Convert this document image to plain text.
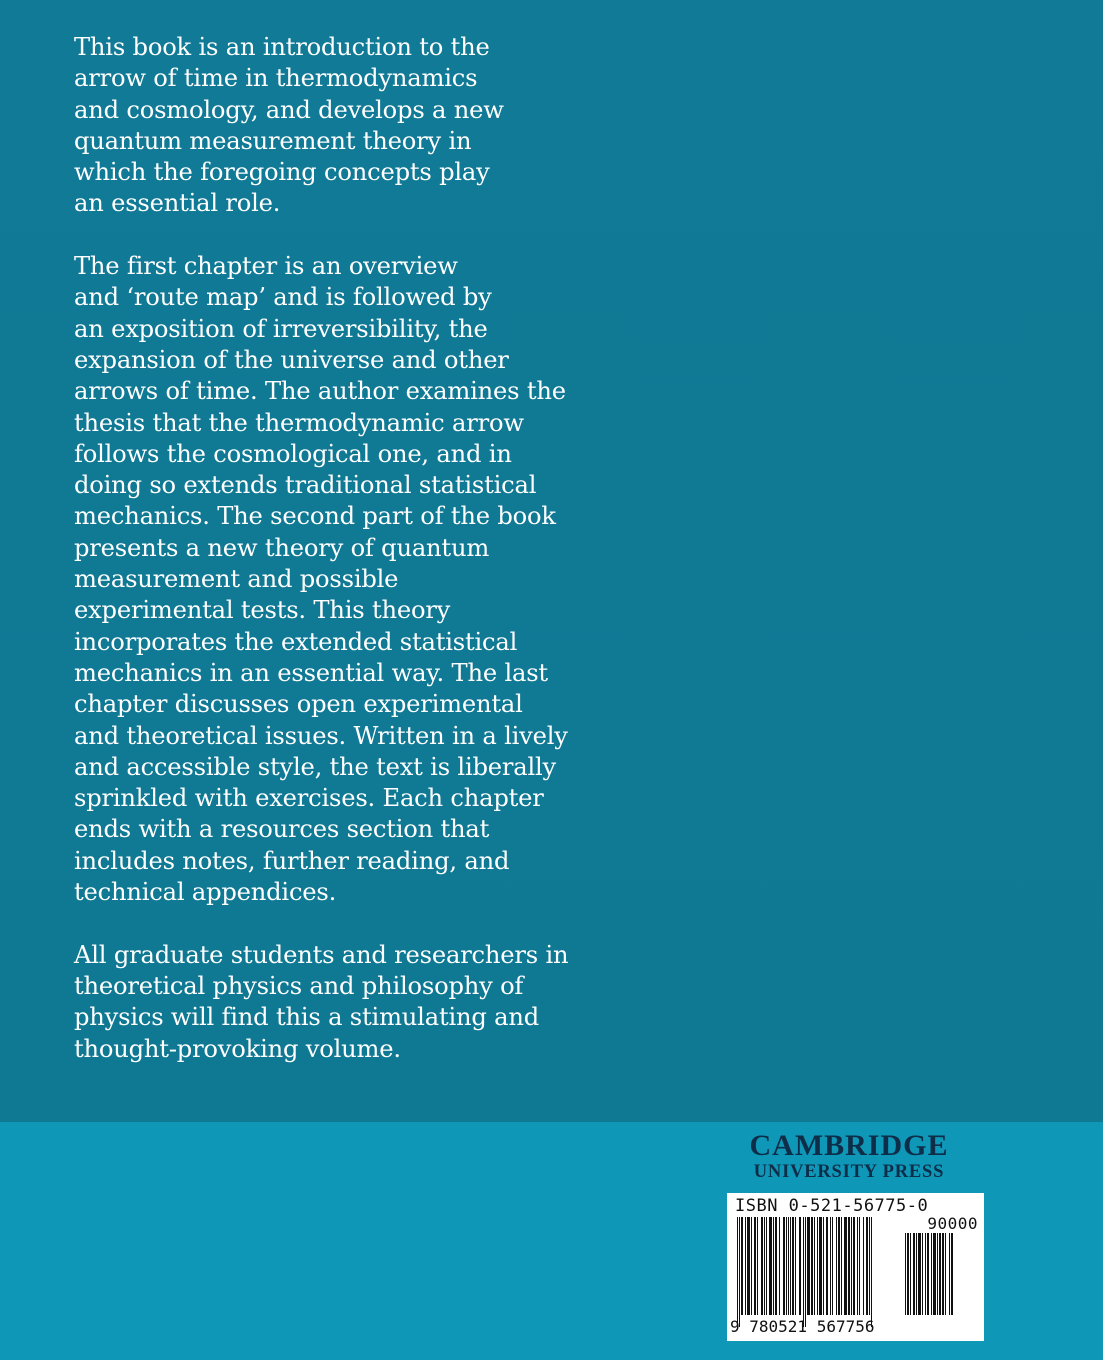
This book is an introduction to the
arrow of time in thermodynamics
and cosmology, and develops a new
quantum measurement theory in
which the foregoing concepts play
an essential role.

The first chapter is an overview
and ‘route map’ and is followed by
an exposition of irreversibility, the
expansion of the universe and other
arrows of time. The author examines the
thesis that the thermodynamic arrow
follows the cosmological one, and in
doing so extends traditional statistical
mechanics. The second part of the book
presents a new theory of quantum
measurement and possible
experimental tests. This theory
incorporates the extended statistical
mechanics in an essential way. The last
chapter discusses open experimental
and theoretical issues. Written in a lively
and accessible style, the text is liberally
sprinkled with exercises. Each chapter
ends with a resources section that
includes notes, further reading, and
technical appendices.

All graduate students and researchers in
theoretical physics and philosophy of
physics will find this a stimulating and
thought-provoking volume.

CAMBRIDGE
UNIVERSITY PRESS
ISBN 0-521-56775-0
90000
9 780521 567756
